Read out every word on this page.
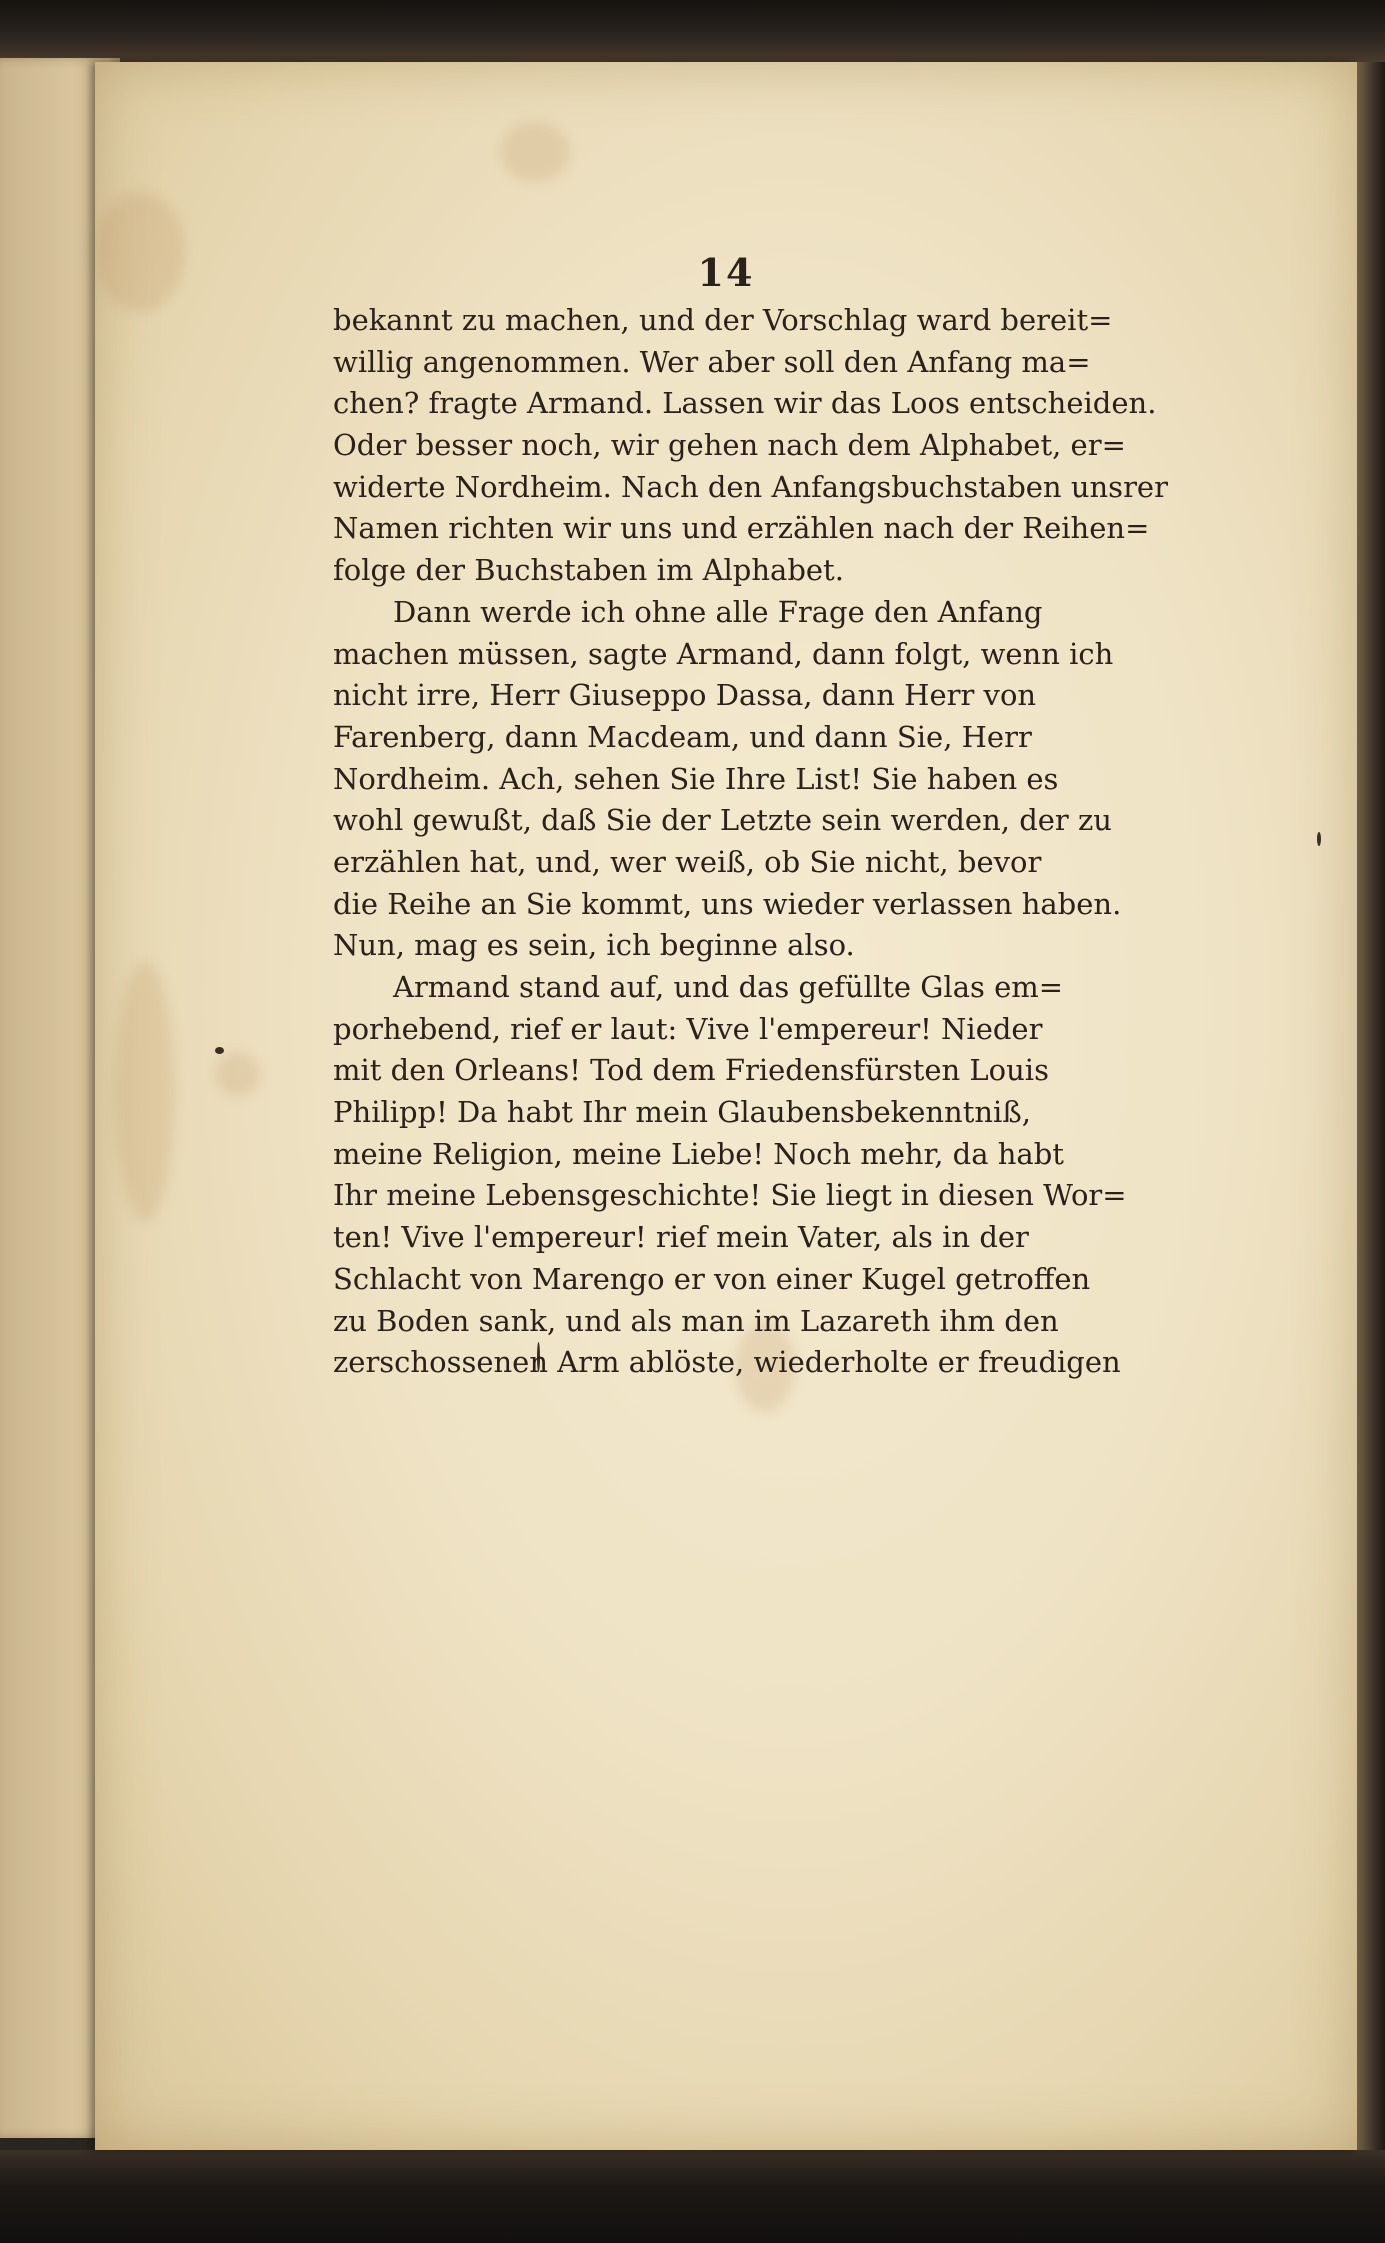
14
bekannt zu machen, und der Vorschlag ward bereit=
willig angenommen. Wer aber soll den Anfang ma=
chen? fragte Armand. Lassen wir das Loos entscheiden.
Oder besser noch, wir gehen nach dem Alphabet, er=
widerte Nordheim. Nach den Anfangsbuchstaben unsrer
Namen richten wir uns und erzählen nach der Reihen=
folge der Buchstaben im Alphabet.
Dann werde ich ohne alle Frage den Anfang
machen müssen, sagte Armand, dann folgt, wenn ich
nicht irre, Herr Giuseppo Dassa, dann Herr von
Farenberg, dann Macdeam, und dann Sie, Herr
Nordheim. Ach, sehen Sie Ihre List! Sie haben es
wohl gewußt, daß Sie der Letzte sein werden, der zu
erzählen hat, und, wer weiß, ob Sie nicht, bevor
die Reihe an Sie kommt, uns wieder verlassen haben.
Nun, mag es sein, ich beginne also.
Armand stand auf, und das gefüllte Glas em=
porhebend, rief er laut: Vive l'empereur! Nieder
mit den Orleans! Tod dem Friedensfürsten Louis
Philipp! Da habt Ihr mein Glaubensbekenntniß,
meine Religion, meine Liebe! Noch mehr, da habt
Ihr meine Lebensgeschichte! Sie liegt in diesen Wor=
ten! Vive l'empereur! rief mein Vater, als in der
Schlacht von Marengo er von einer Kugel getroffen
zu Boden sank, und als man im Lazareth ihm den
zerschossenen Arm ablöste, wiederholte er freudigen
